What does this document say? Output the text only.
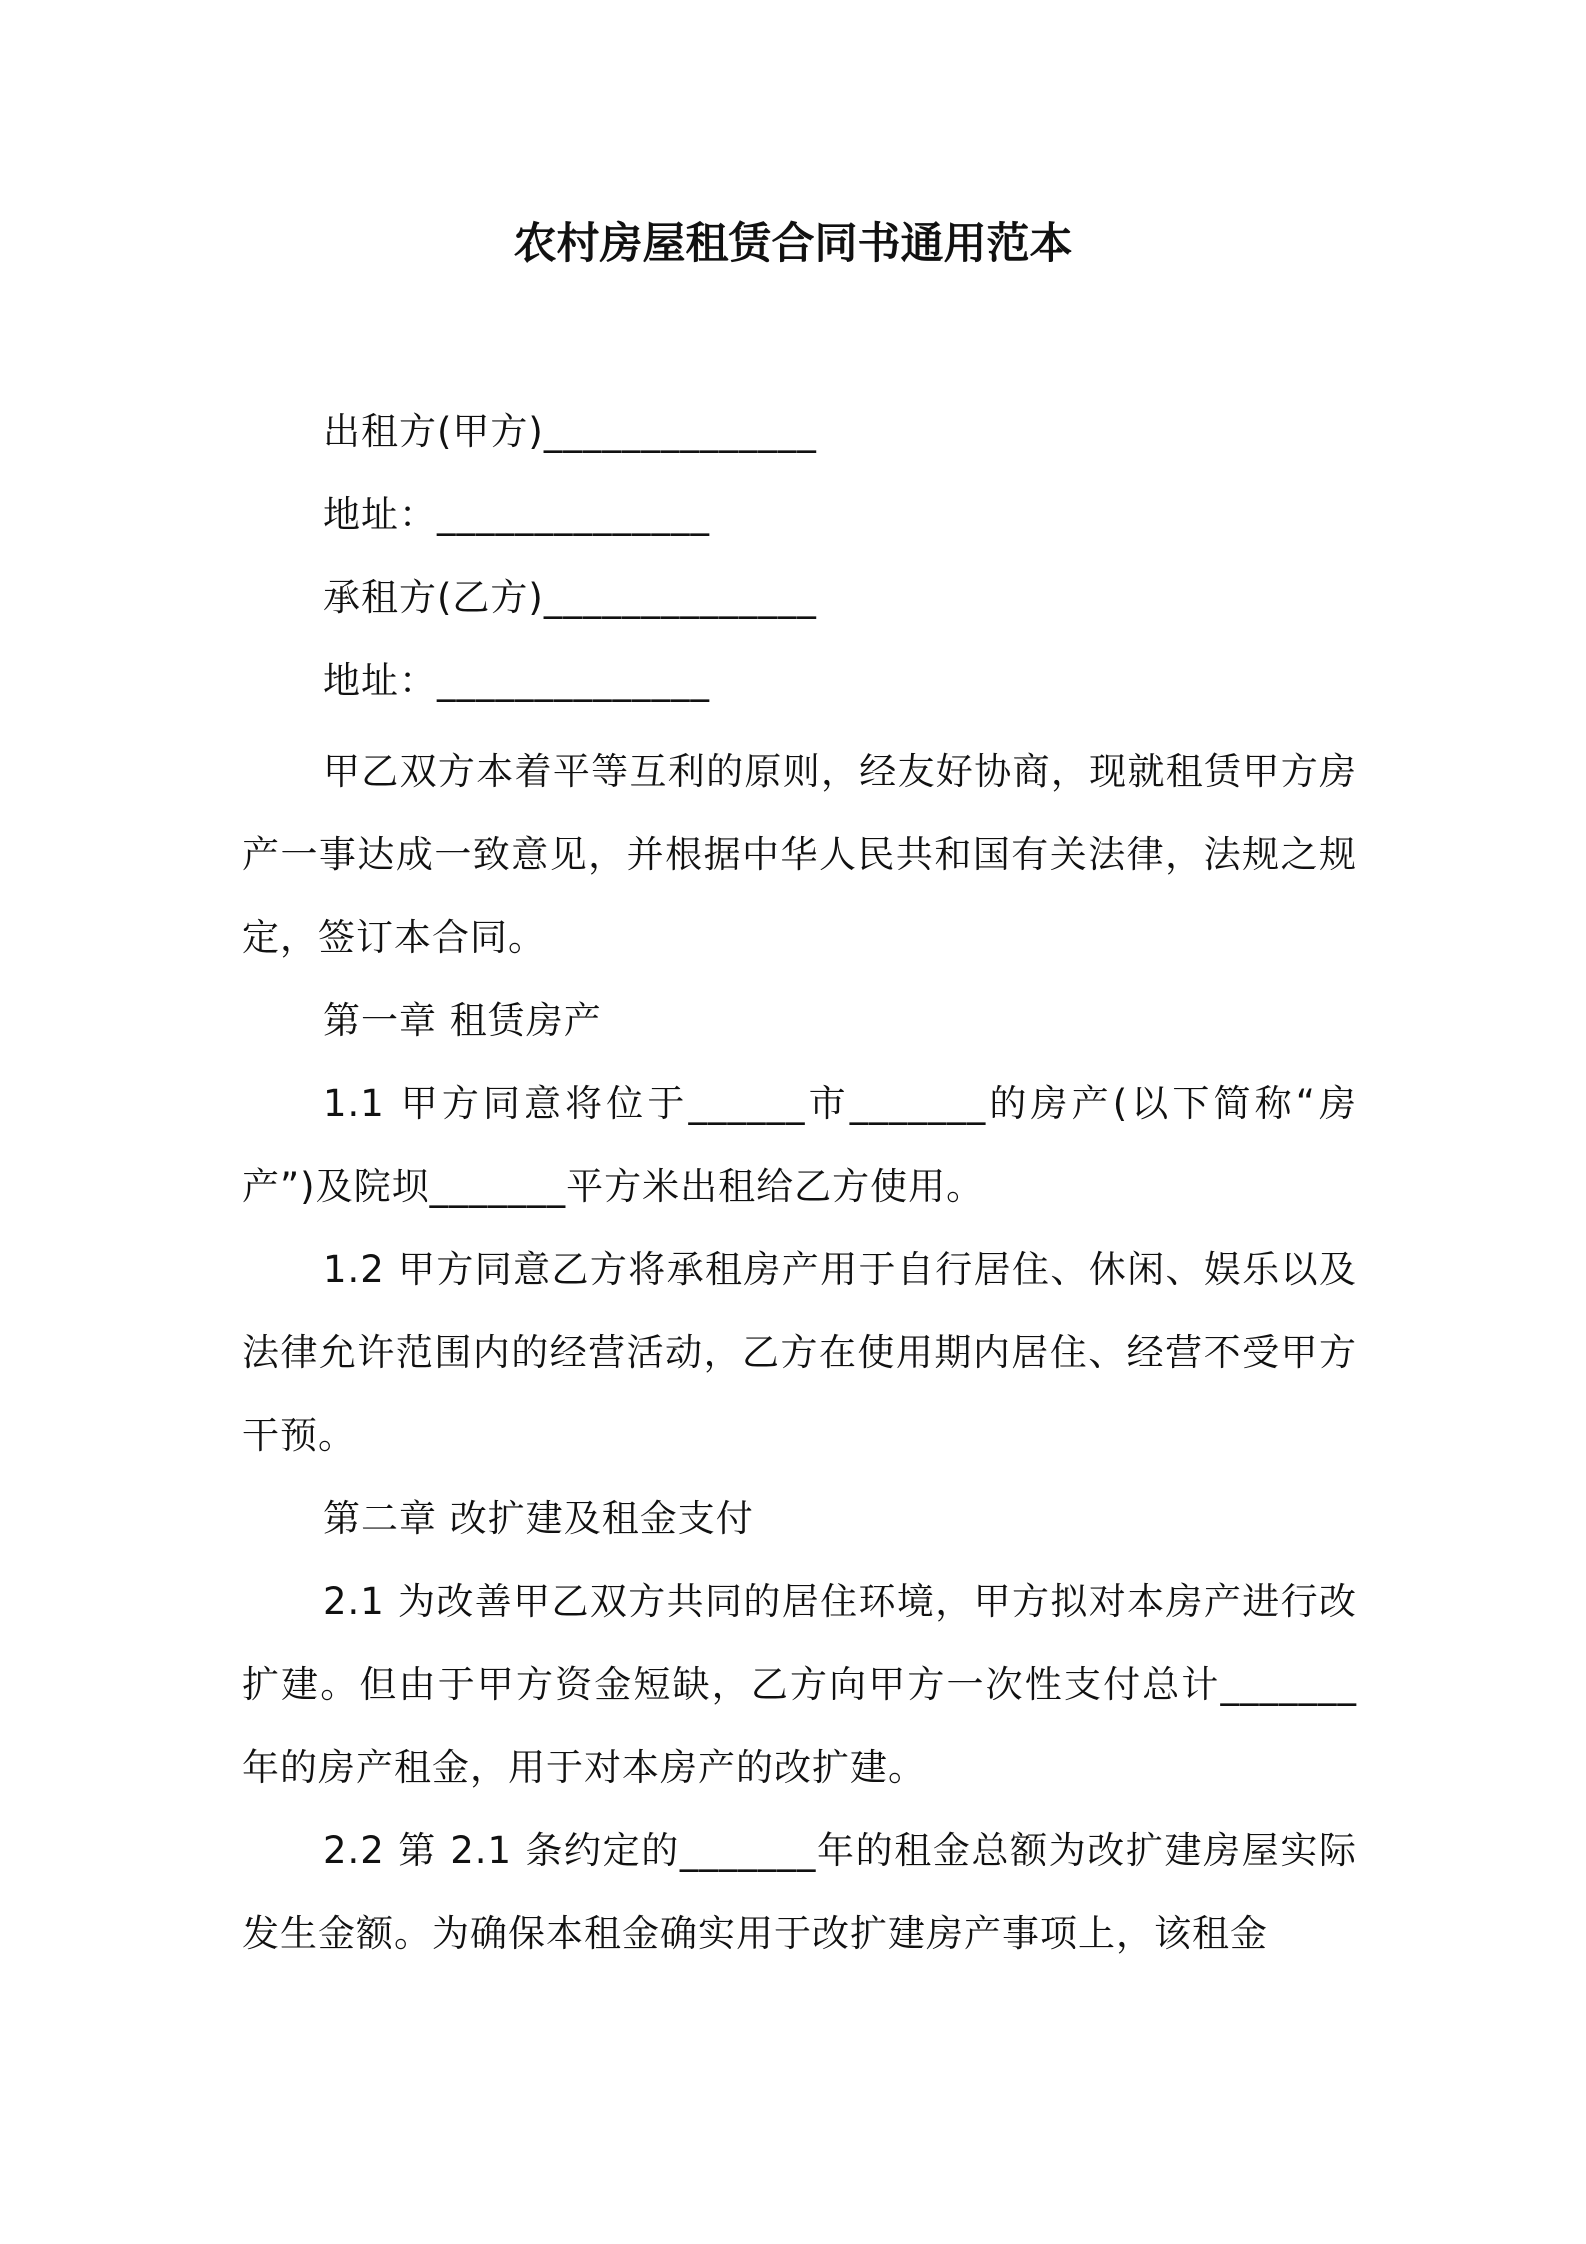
农村房屋租赁合同书通用范本
出租方(甲方)______________
地址：______________
承租方(乙方)______________
地址：______________

甲乙双方本着平等互利的原则，经友好协商，现就租赁甲方房产一事达成一致意见，并根据中华人民共和国有关法律，法规之规定，签订本合同。

第一章 租赁房产

1.1 甲方同意将位于______市_______的房产(以下简称“房产”)及院坝_______平方米出租给乙方使用。

1.2 甲方同意乙方将承租房产用于自行居住、休闲、娱乐以及法律允许范围内的经营活动，乙方在使用期内居住、经营不受甲方干预。

第二章 改扩建及租金支付

2.1 为改善甲乙双方共同的居住环境，甲方拟对本房产进行改扩建。但由于甲方资金短缺，乙方向甲方一次性支付总计_______年的房产租金，用于对本房产的改扩建。

2.2 第 2.1 条约定的_______年的租金总额为改扩建房屋实际发生金额。为确保本租金确实用于改扩建房产事项上，该租金
